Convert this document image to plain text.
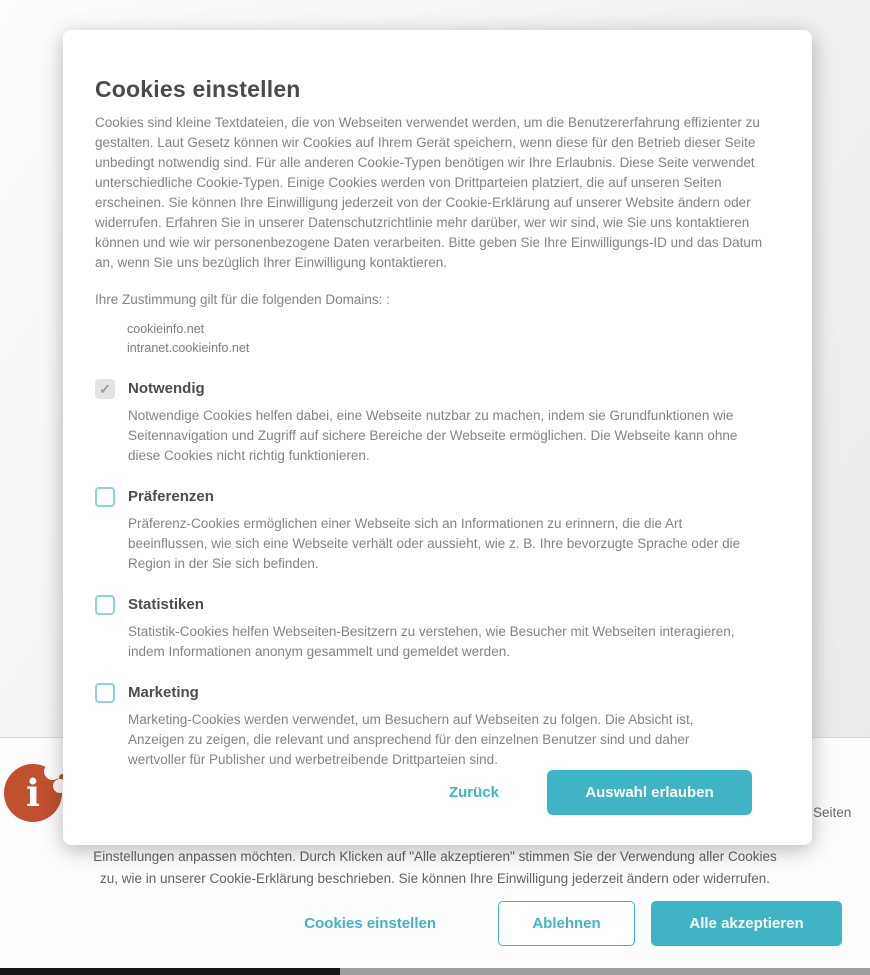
i	Seiten
Einstellungen anpassen möchten. Durch Klicken auf "Alle akzeptieren" stimmen Sie der Verwendung aller Cookies
zu, wie in unserer Cookie-Erklärung beschrieben. Sie können Ihre Einwilligung jederzeit ändern oder widerrufen.
Cookies einstellen	Ablehnen	Alle akzeptieren
Cookies einstellen
Cookies sind kleine Textdateien, die von Webseiten verwendet werden, um die Benutzererfahrung effizienter zu gestalten. Laut Gesetz können wir Cookies auf Ihrem Gerät speichern, wenn diese für den Betrieb dieser Seite unbedingt notwendig sind. Für alle anderen Cookie-Typen benötigen wir Ihre Erlaubnis. Diese Seite verwendet unterschiedliche Cookie-Typen. Einige Cookies werden von Drittparteien platziert, die auf unseren Seiten erscheinen. Sie können Ihre Einwilligung jederzeit von der Cookie-Erklärung auf unserer Website ändern oder widerrufen. Erfahren Sie in unserer Datenschutzrichtlinie mehr darüber, wer wir sind, wie Sie uns kontaktieren können und wie wir personenbezogene Daten verarbeiten. Bitte geben Sie Ihre Einwilligungs-ID und das Datum an, wenn Sie uns bezüglich Ihrer Einwilligung kontaktieren.
Ihre Zustimmung gilt für die folgenden Domains: :
cookieinfo.net
intranet.cookieinfo.net
✓
Notwendig
Notwendige Cookies helfen dabei, eine Webseite nutzbar zu machen, indem sie Grundfunktionen wie Seitennavigation und Zugriff auf sichere Bereiche der Webseite ermöglichen. Die Webseite kann ohne diese Cookies nicht richtig funktionieren.
Präferenzen
Präferenz-Cookies ermöglichen einer Webseite sich an Informationen zu erinnern, die die Art beeinflussen, wie sich eine Webseite verhält oder aussieht, wie z. B. Ihre bevorzugte Sprache oder die Region in der Sie sich befinden.
Statistiken
Statistik-Cookies helfen Webseiten-Besitzern zu verstehen, wie Besucher mit Webseiten interagieren, indem Informationen anonym gesammelt und gemeldet werden.
Marketing
Marketing-Cookies werden verwendet, um Besuchern auf Webseiten zu folgen. Die Absicht ist, Anzeigen zu zeigen, die relevant und ansprechend für den einzelnen Benutzer sind und daher wertvoller für Publisher und werbetreibende Drittparteien sind.
Zurück	Auswahl erlauben
